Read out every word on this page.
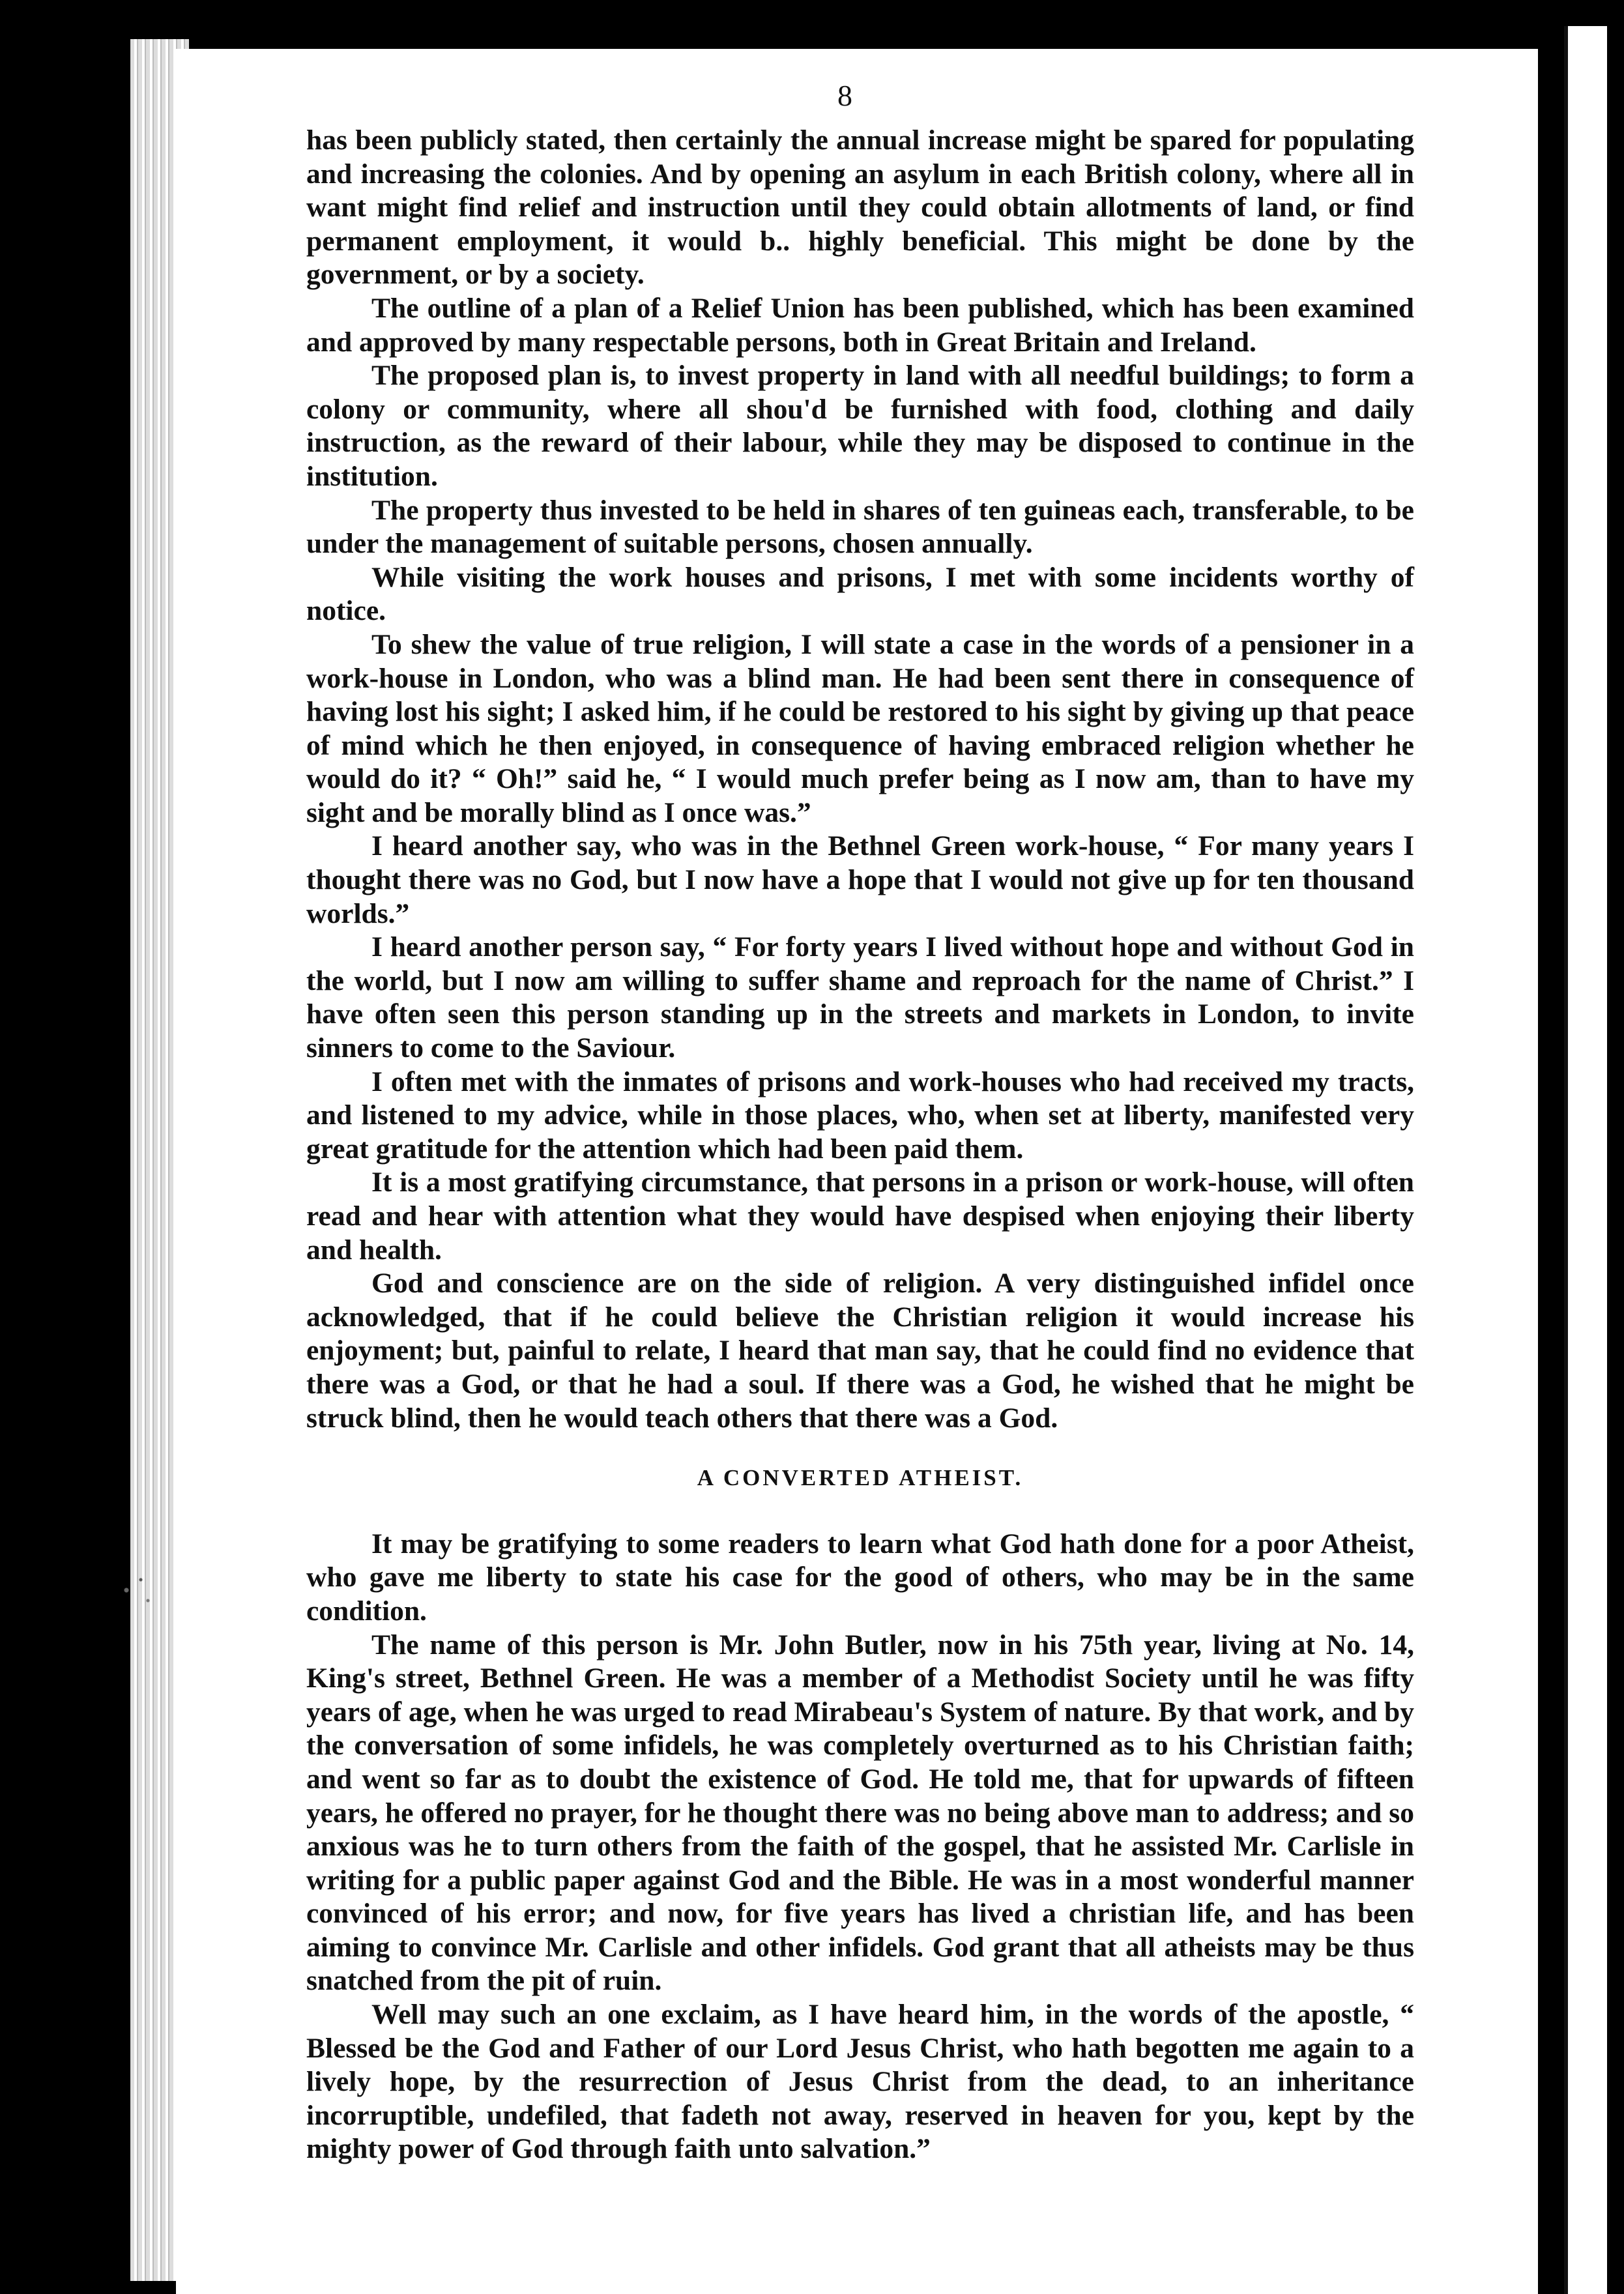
8

has been publicly stated, then certainly the annual increase might be spared for populating and increasing the colonies. And by opening an asylum in each British colony, where all in want might find relief and instruction until they could obtain allotments of land, or find permanent employment, it would b.. highly beneficial. This might be done by the government, or by a society.

The outline of a plan of a Relief Union has been published, which has been examined and approved by many respectable persons, both in Great Britain and Ireland.

The proposed plan is, to invest property in land with all needful buildings; to form a colony or community, where all shou'd be furnished with food, clothing and daily instruction, as the reward of their labour, while they may be disposed to continue in the institution.

The property thus invested to be held in shares of ten guineas each, transferable, to be under the management of suitable persons, chosen annually.

While visiting the work houses and prisons, I met with some incidents worthy of notice.

To shew the value of true religion, I will state a case in the words of a pensioner in a work-house in London, who was a blind man. He had been sent there in consequence of having lost his sight; I asked him, if he could be restored to his sight by giving up that peace of mind which he then enjoyed, in consequence of having embraced religion whether he would do it? “ Oh!” said he, “ I would much prefer being as I now am, than to have my sight and be morally blind as I once was.”

I heard another say, who was in the Bethnel Green work-house, “ For many years I thought there was no God, but I now have a hope that I would not give up for ten thousand worlds.”

I heard another person say, “ For forty years I lived without hope and without God in the world, but I now am willing to suffer shame and reproach for the name of Christ.” I have often seen this person standing up in the streets and markets in London, to invite sinners to come to the Saviour.

I often met with the inmates of prisons and work-houses who had received my tracts, and listened to my advice, while in those places, who, when set at liberty, manifested very great gratitude for the attention which had been paid them.

It is a most gratifying circumstance, that persons in a prison or work-house, will often read and hear with attention what they would have despised when enjoying their liberty and health.

God and conscience are on the side of religion. A very distinguished infidel once acknowledged, that if he could believe the Christian religion it would increase his enjoyment; but, painful to relate, I heard that man say, that he could find no evidence that there was a God, or that he had a soul. If there was a God, he wished that he might be struck blind, then he would teach others that there was a God.

A CONVERTED ATHEIST.

It may be gratifying to some readers to learn what God hath done for a poor Atheist, who gave me liberty to state his case for the good of others, who may be in the same condition.

The name of this person is Mr. John Butler, now in his 75th year, living at No. 14, King's street, Bethnel Green. He was a member of a Methodist Society until he was fifty years of age, when he was urged to read Mirabeau's System of nature. By that work, and by the conversation of some infidels, he was completely overturned as to his Christian faith; and went so far as to doubt the existence of God. He told me, that for upwards of fifteen years, he offered no prayer, for he thought there was no being above man to address; and so anxious was he to turn others from the faith of the gospel, that he assisted Mr. Carlisle in writing for a public paper against God and the Bible. He was in a most wonderful manner convinced of his error; and now, for five years has lived a christian life, and has been aiming to convince Mr. Carlisle and other infidels. God grant that all atheists may be thus snatched from the pit of ruin.

Well may such an one exclaim, as I have heard him, in the words of the apostle, “ Blessed be the God and Father of our Lord Jesus Christ, who hath begotten me again to a lively hope, by the resurrection of Jesus Christ from the dead, to an inheritance incorruptible, undefiled, that fadeth not away, reserved in heaven for you, kept by the mighty power of God through faith unto salvation.”
